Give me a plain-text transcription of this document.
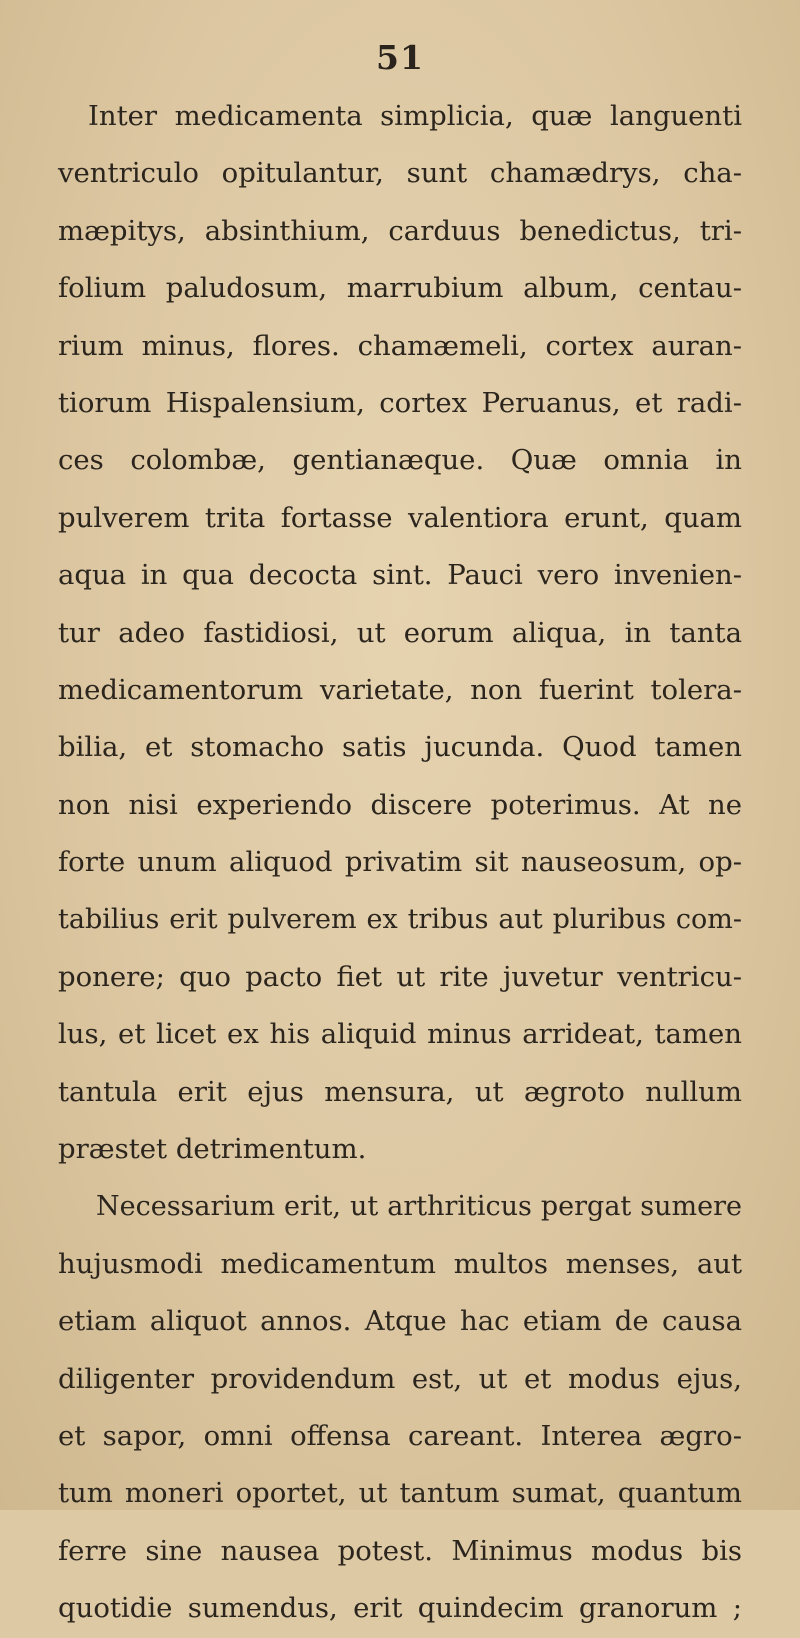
51
Inter medicamenta simplicia, quæ languenti
ventriculo opitulantur, sunt chamædrys, cha-
mæpitys, absinthium, carduus benedictus, tri-
folium paludosum, marrubium album, centau-
rium minus, flores. chamæmeli, cortex auran-
tiorum Hispalensium, cortex Peruanus, et radi-
ces colombæ, gentianæque. Quæ omnia in
pulverem trita fortasse valentiora erunt, quam
aqua in qua decocta sint. Pauci vero invenien-
tur adeo fastidiosi, ut eorum aliqua, in tanta
medicamentorum varietate, non fuerint tolera-
bilia, et stomacho satis jucunda. Quod tamen
non nisi experiendo discere poterimus. At ne
forte unum aliquod privatim sit nauseosum, op-
tabilius erit pulverem ex tribus aut pluribus com-
ponere; quo pacto fiet ut rite juvetur ventricu-
lus, et licet ex his aliquid minus arrideat, tamen
tantula erit ejus mensura, ut ægroto nullum
præstet detrimentum.
Necessarium erit, ut arthriticus pergat sumere
hujusmodi medicamentum multos menses, aut
etiam aliquot annos. Atque hac etiam de causa
diligenter providendum est, ut et modus ejus,
et sapor, omni offensa careant. Interea ægro-
tum moneri oportet, ut tantum sumat, quantum
ferre sine nausea potest. Minimus modus bis
quotidie sumendus, erit quindecim granorum ;
